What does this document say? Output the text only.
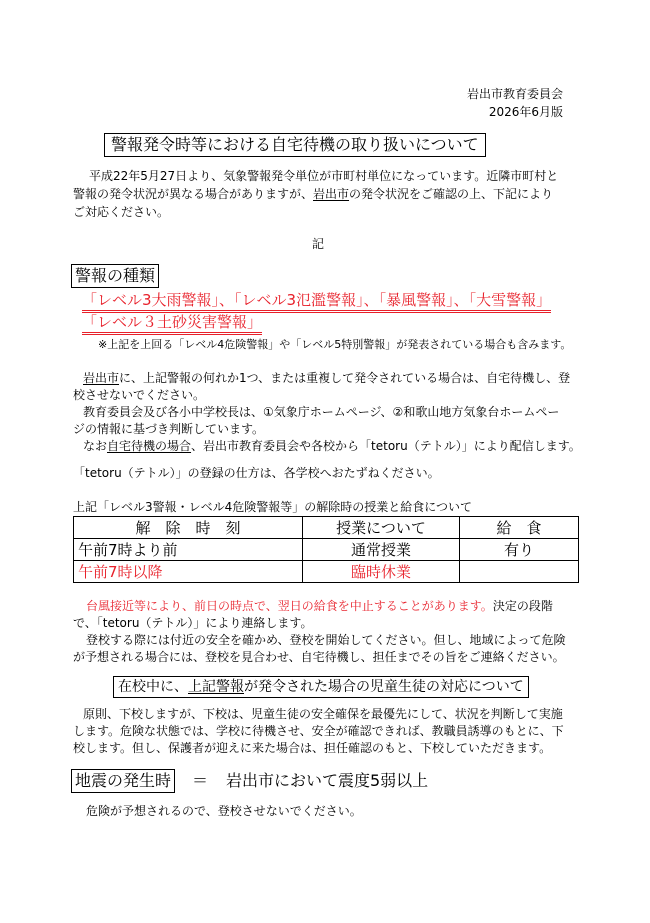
岩出市教育委員会
2026年6月版
警報発令時等における自宅待機の取り扱いについて
平成22年5月27日より、気象警報発令単位が市町村単位になっています。近隣市町村と
警報の発令状況が異なる場合がありますが、岩出市の発令状況をご確認の上、下記により
ご対応ください。
記
警報の種類
「レベル3大雨警報」、「レベル3氾濫警報」、「暴風警報」、「大雪警報」
「レベル３土砂災害警報」
※上記を上回る「レベル4危険警報」や「レベル5特別警報」が発表されている場合も含みます。
岩出市に、上記警報の何れか1つ、または重複して発令されている場合は、自宅待機し、登
校させないでください。
教育委員会及び各小中学校長は、①気象庁ホームページ、②和歌山地方気象台ホームペー
ジの情報に基づき判断しています。
なお自宅待機の場合、岩出市教育委員会や各校から「tetoru（テトル）」により配信します。
「tetoru（テトル）」の登録の仕方は、各学校へおたずねください。
上記「レベル3警報・レベル4危険警報等」の解除時の授業と給食について
解　除　時　刻	授業について	給　食
午前7時より前	通常授業	有り
午前7時以降	臨時休業	
台風接近等により、前日の時点で、翌日の給食を中止することがあります。決定の段階
で、「tetoru（テトル）」により連絡します。
登校する際には付近の安全を確かめ、登校を開始してください。但し、地域によって危険
が予想される場合には、登校を見合わせ、自宅待機し、担任までその旨をご連絡ください。
在校中に、上記警報が発令された場合の児童生徒の対応について
原則、下校しますが、下校は、児童生徒の安全確保を最優先にして、状況を判断して実施
します。危険な状態では、学校に待機させ、安全が確認できれば、教職員誘導のもとに、下
校します。但し、保護者が迎えに来た場合は、担任確認のもと、下校していただきます。
地震の発生時 ＝ 岩出市において震度5弱以上
危険が予想されるので、登校させないでください。
